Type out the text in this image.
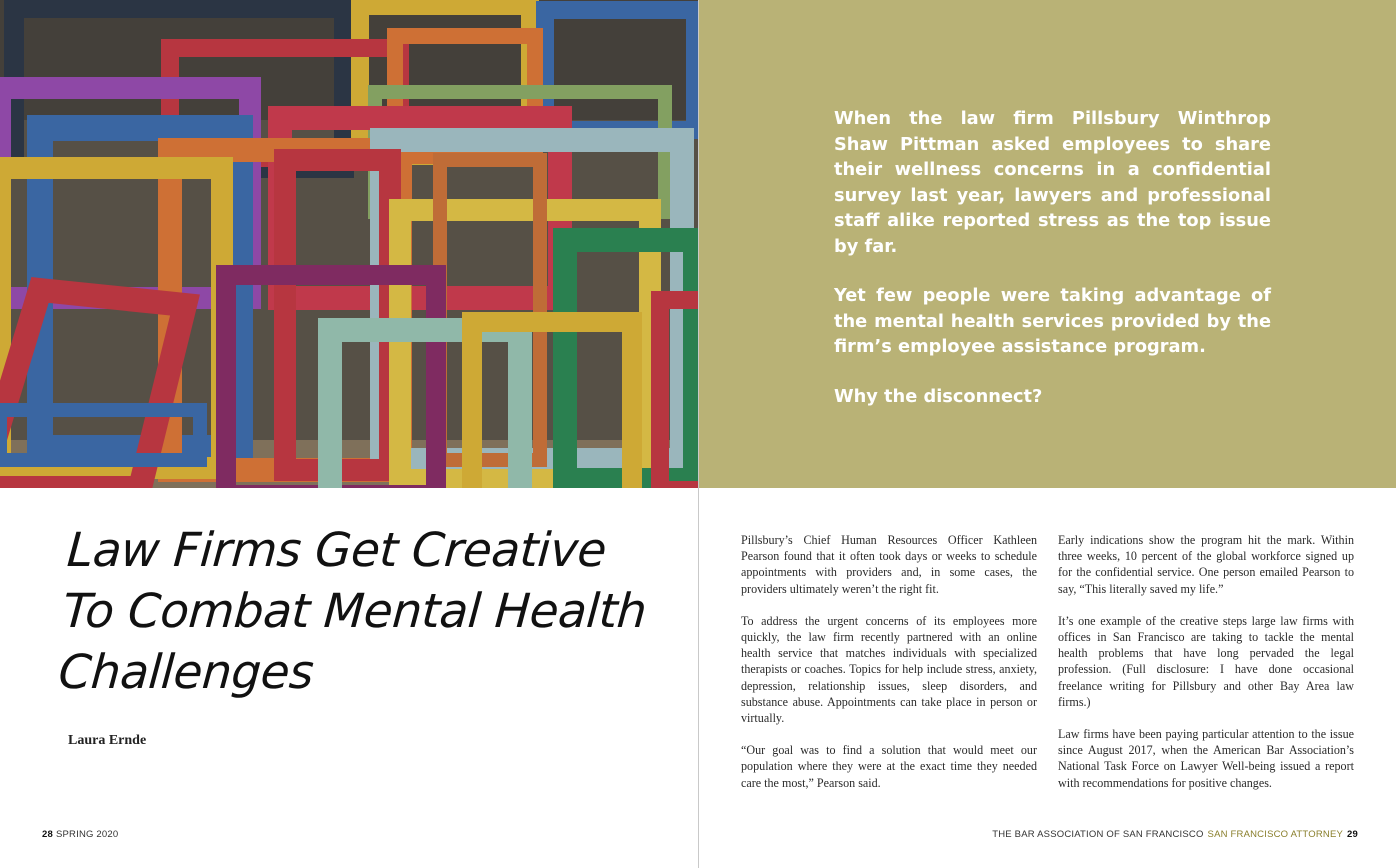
Law Firms Get Creative
To Combat Mental Health
Challenges
Laura Ernde
28 SPRING 2020

When the law firm Pillsbury Winthrop Shaw Pittman asked employees to share their wellness concerns in a confidential survey last year, lawyers and professional staff alike reported stress as the top issue by far.

Yet few people were taking advantage of the mental health services provided by the firm’s employee assistance program.

Why the disconnect?

Pillsbury’s Chief Human Resources Officer Kathleen Pearson found that it often took days or weeks to schedule appointments with providers and, in some cases, the providers ultimately weren’t the right fit.

To address the urgent concerns of its employees more quickly, the law firm recently partnered with an online health service that matches individuals with specialized therapists or coaches. Topics for help include stress, anxiety, depression, relationship issues, sleep disorders, and substance abuse. Appointments can take place in person or virtually.

“Our goal was to find a solution that would meet our population where they were at the exact time they needed care the most,” Pearson said.

Early indications show the program hit the mark. Within three weeks, 10 percent of the global workforce signed up for the confidential service. One person emailed Pearson to say, “This literally saved my life.”

It’s one example of the creative steps large law firms with offices in San Francisco are taking to tackle the mental health problems that have long pervaded the legal profession. (Full disclosure: I have done occasional freelance writing for Pillsbury and other Bay Area law firms.)

Law firms have been paying particular attention to the issue since August 2017, when the American Bar Association’s National Task Force on Lawyer Well-being issued a report with recommendations for positive changes.

THE BAR ASSOCIATION OF SAN FRANCISCO SAN FRANCISCO ATTORNEY 29
